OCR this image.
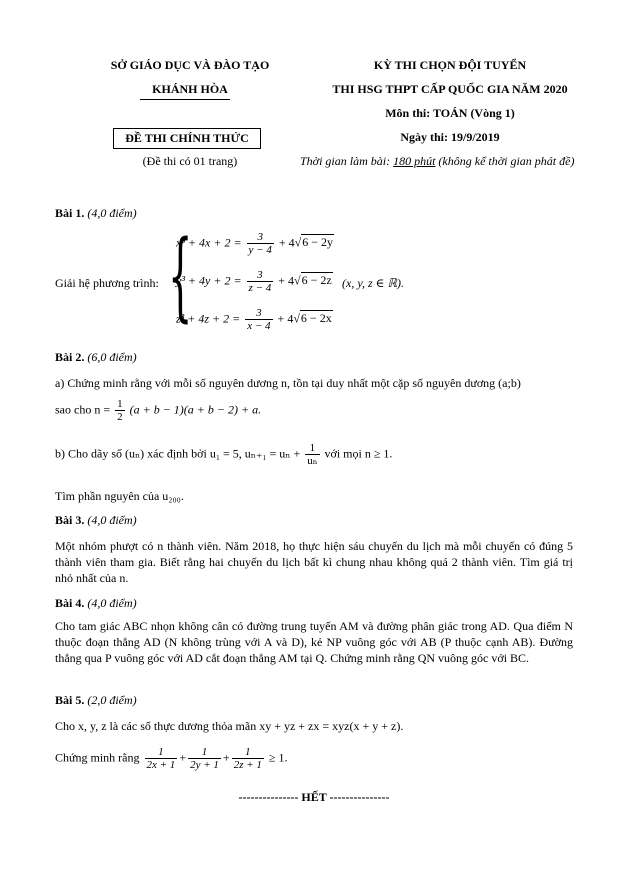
SỞ GIÁO DỤC VÀ ĐÀO TẠO
KHÁNH HÒA
ĐỀ THI CHÍNH THỨC
(Đề thi có 01 trang)
KỲ THI CHỌN ĐỘI TUYỂN
THI HSG THPT CẤP QUỐC GIA NĂM 2020
Môn thi: TOÁN (Vòng 1)
Ngày thi: 19/9/2019
Thời gian làm bài: 180 phút (không kể thời gian phát đề)
Bài 1. (4,0 điểm)
Giải hệ phương trình: {
$x^3 + 4x + 2 = \frac{3}{y - 4} + 4√6 - 2y$
$y^3 + 4y + 2 = \frac{3}{z - 4} + 4√6 - 2z$
$z^3 + 4z + 2 = \frac{3}{x - 4} + 4√6 - 2x$
(x, y, z ∈ ℝ).
Bài 2. (6,0 điểm)
a) Chứng minh rằng với mỗi số nguyên dương n, tồn tại duy nhất một cặp số nguyên dương (a;b)
sao cho $n = \frac{1}{2} (a + b - 1)(a + b - 2) + a$.
b) Cho dãy số (uₙ) xác định bởi u₁ = 5, $u_{n+1} = u_n + \frac{1}{\text{uₙ}}$ với mọi n ≥ 1.
Tìm phần nguyên của u₂₀₀.
Bài 3. (4,0 điểm)
Một nhóm phượt có n thành viên. Năm 2018, họ thực hiện sáu chuyến du lịch mà mỗi chuyến có đúng 5 thành viên tham gia. Biết rằng hai chuyến du lịch bất kì chung nhau không quá 2 thành viên. Tìm giá trị nhỏ nhất của n.
Bài 4. (4,0 điểm)
Cho tam giác ABC nhọn không cân có đường trung tuyến AM và đường phân giác trong AD. Qua điểm N thuộc đoạn thẳng AD (N không trùng với A và D), kẻ NP vuông góc với AB (P thuộc cạnh AB). Đường thẳng qua P vuông góc với AD cắt đoạn thẳng AM tại Q. Chứng minh rằng QN vuông góc với BC.
Bài 5. (2,0 điểm)
Cho x, y, z là các số thực dương thỏa mãn xy + yz + zx = xyz(x + y + z).
Chứng minh rằng $\frac{1}{2x + 1} + \frac{1}{2y + 1} + \frac{1}{2z + 1} \ge 1$.
--------------- HẾT ---------------
